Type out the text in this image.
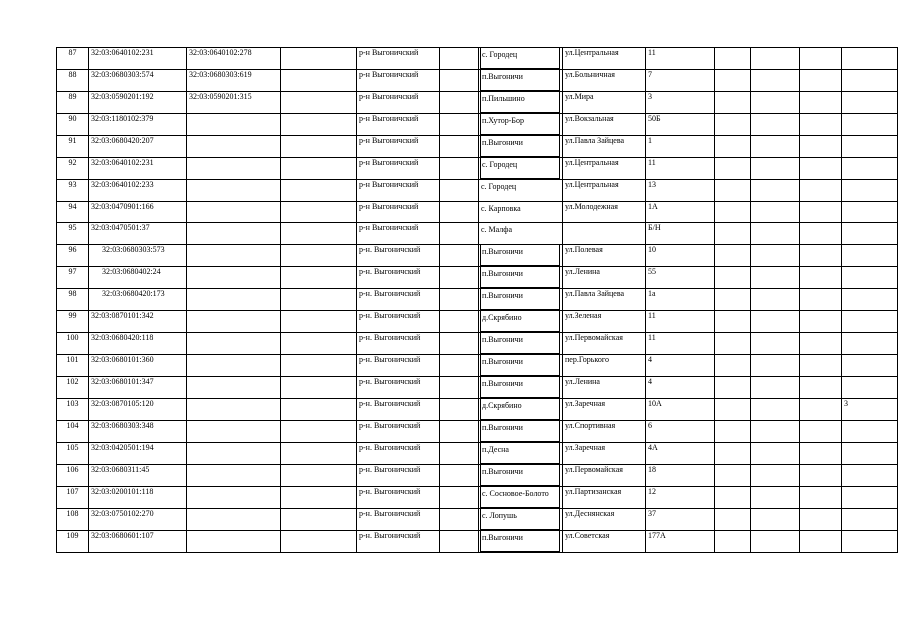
87	32:03:0640102:231	32:03:0640102:278		р-н Выгоничский		с. Городец	ул.Центральная	11				
88	32:03:0680303:574	32:03:0680303:619		р-н Выгоничский		п.Выгоничи	ул.Больничная	7				
89	32:03:0590201:192	32:03:0590201:315		р-н Выгоничский		п.Пильшино	ул.Мира	3				
90	32:03:1180102:379			р-н Выгоничский		п.Хутор-Бор	ул.Вокзальная	50Б				
91	32:03:0680420:207			р-н Выгоничский		п.Выгоничи	ул.Павла Зайцева	1				
92	32:03:0640102:231			р-н Выгоничский		с. Городец	ул.Центральная	11				
93	32:03:0640102:233			р-н Выгоничский		с. Городец	ул.Центральная	13				
94	32:03:0470901:166			р-н Выгоничский		с. Карповка	ул.Молодежная	1А				
95	32:03:0470501:37			р-н Выгоничский		с. Малфа		Б/Н				
96	32:03:0680303:573			р-н. Выгоничский		п.Выгоничи	ул.Полевая	10				
97	32:03:0680402:24			р-н. Выгоничский		п.Выгоничи	ул.Ленина	55				
98	32:03:0680420:173			р-н. Выгоничский		п.Выгоничи	ул.Павла Зайцева	1а				
99	32:03:0870101:342			р-н. Выгоничский		д.Скрябино	ул.Зеленая	11				
100	32:03:0680420:118			р-н. Выгоничский		п.Выгоничи	ул.Первомайская	11				
101	32:03:0680101:360			р-н. Выгоничский		п.Выгоничи	пер.Горького	4				
102	32:03:0680101:347			р-н. Выгоничский		п.Выгоничи	ул.Ленина	4				
103	32:03:0870105:120			р-н. Выгоничский		д.Скрябино	ул.Заречная	10А				3
104	32:03:0680303:348			р-н. Выгоничский		п.Выгоничи	ул.Спортивная	6				
105	32:03:0420501:194			р-н. Выгоничский		п.Десна	ул.Заречная	4А				
106	32:03:0680311:45			р-н. Выгоничский		п.Выгоничи	ул.Первомайская	18				
107	32:03:0200101:118			р-н. Выгоничский		с. Сосновое-Болото	ул.Партизанская	12				
108	32:03:0750102:270			р-н. Выгоничский		с. Лопушь	ул.Деснянская	37				
109	32:03:0680601:107			р-н. Выгоничский		п.Выгоничи	ул.Советская	177А				
